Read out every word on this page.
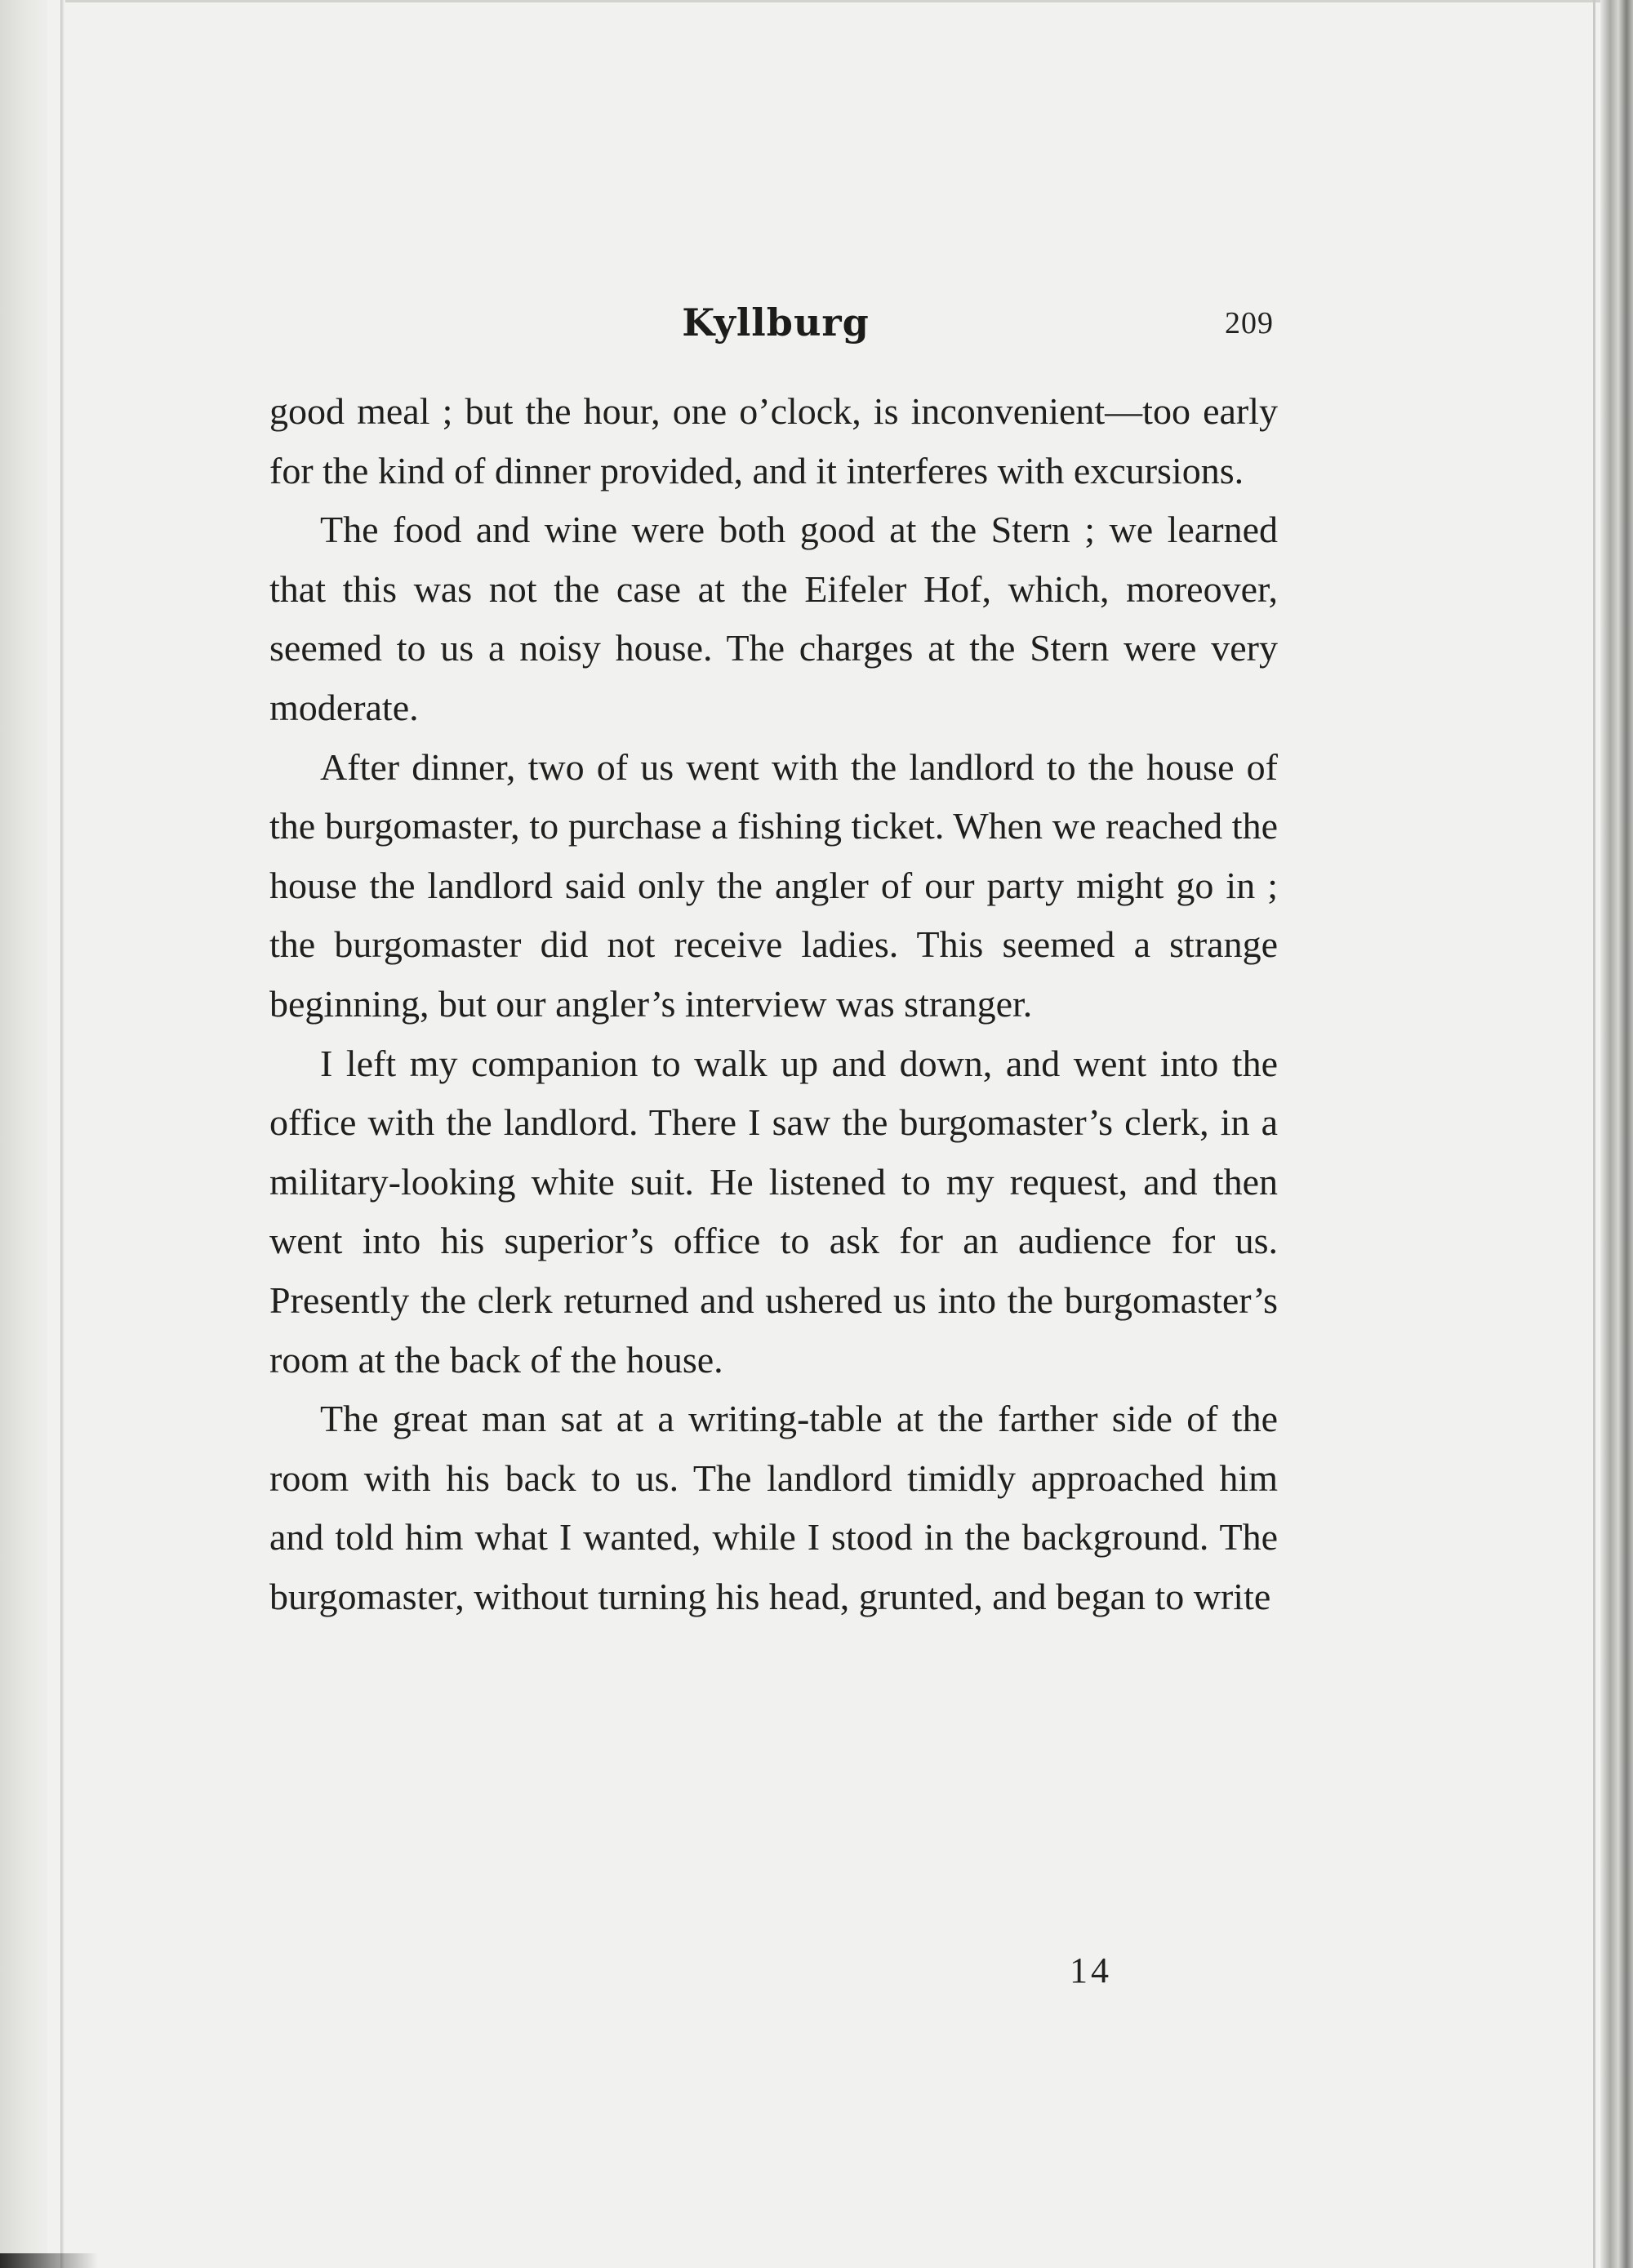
Kyllburg	209

good meal ; but the hour, one o’clock, is inconvenient—too early for the kind of dinner provided, and it interferes with excursions.

The food and wine were both good at the Stern ; we learned that this was not the case at the Eifeler Hof, which, moreover, seemed to us a noisy house. The charges at the Stern were very moderate.

After dinner, two of us went with the landlord to the house of the burgomaster, to purchase a fishing ticket. When we reached the house the landlord said only the angler of our party might go in ; the burgomaster did not receive ladies. This seemed a strange beginning, but our angler’s interview was stranger.

I left my companion to walk up and down, and went into the office with the landlord. There I saw the burgomaster’s clerk, in a military-looking white suit. He listened to my request, and then went into his superior’s office to ask for an audience for us. Presently the clerk returned and ushered us into the burgomaster’s room at the back of the house.

The great man sat at a writing-table at the farther side of the room with his back to us. The landlord timidly approached him and told him what I wanted, while I stood in the background. The burgomaster, without turning his head, grunted, and began to write

14
